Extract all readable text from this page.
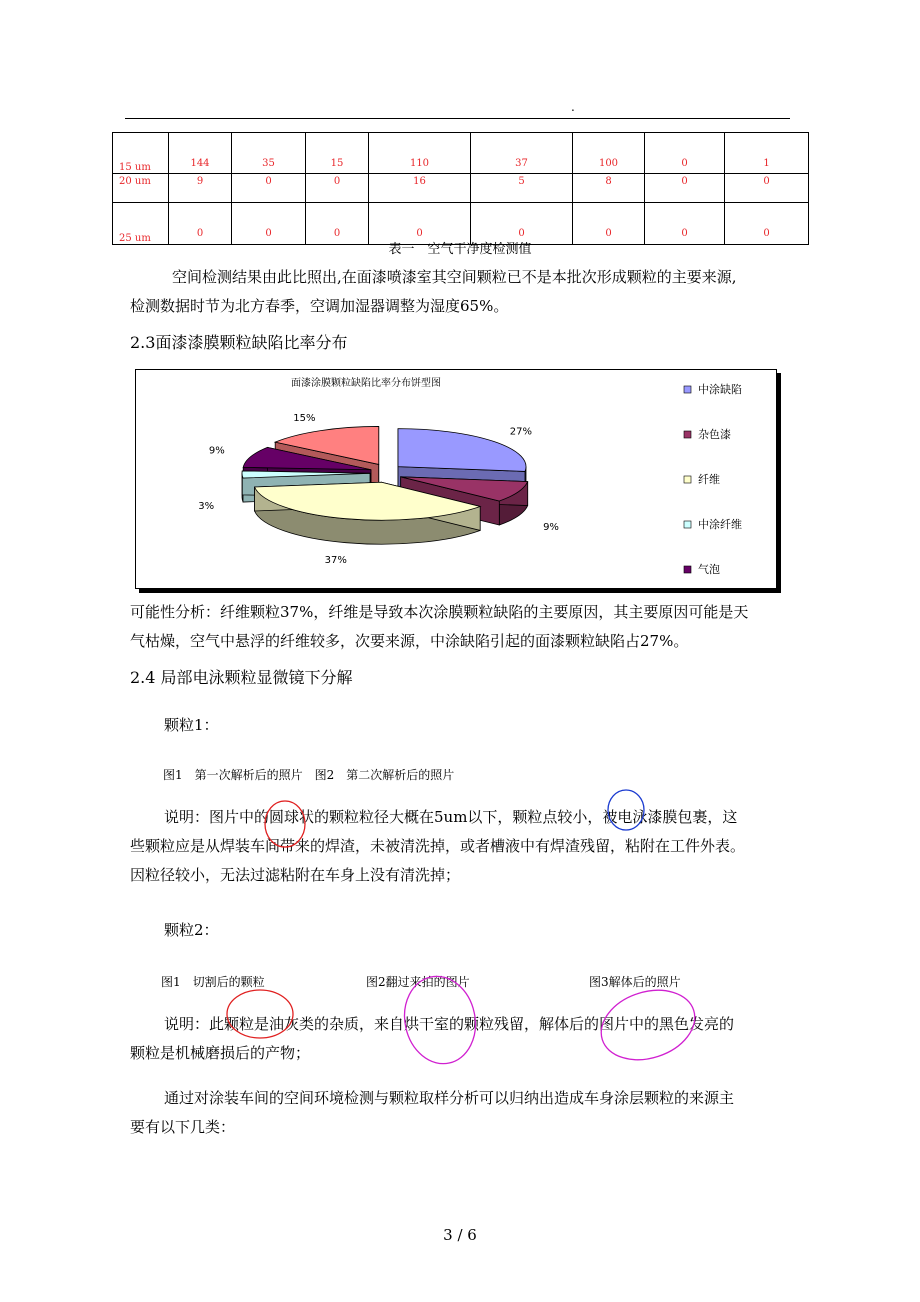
.
15 um	144	35	15	110	37	100	0	1
20 um	9	0	0	16	5	8	0	0
25 um	0	0	0	0	0	0	0	0
表一　空气干净度检测值
空间检测结果由此比照出,在面漆喷漆室其空间颗粒已不是本批次形成颗粒的主要来源,
检测数据时节为北方春季，空调加湿器调整为湿度65%。
2.3面漆漆膜颗粒缺陷比率分布
面漆涂膜颗粒缺陷比率分布饼型图
27%
9%
37%
3%
9%
15%
中涂缺陷
杂色漆
纤维
中涂纤维
气泡
可能性分析：纤维颗粒37%，纤维是导致本次涂膜颗粒缺陷的主要原因，其主要原因可能是天
气枯燥，空气中悬浮的纤维较多，次要来源，中涂缺陷引起的面漆颗粒缺陷占27%。
2.4 局部电泳颗粒显微镜下分解
颗粒1：
图1　第一次解析后的照片　图2　第二次解析后的照片
说明：图片中的圆球状的颗粒粒径大概在5um以下，颗粒点较小，被电泳漆膜包裹，这
些颗粒应是从焊装车间带来的焊渣，未被清洗掉，或者槽液中有焊渣残留，粘附在工件外表。
因粒径较小，无法过滤粘附在车身上没有清洗掉；
颗粒2：
图1　切割后的颗粒	图2翻过来拍的图片	图3解体后的照片
说明：此颗粒是油灰类的杂质，来自烘干室的颗粒残留，解体后的图片中的黑色发亮的
颗粒是机械磨损后的产物；
通过对涂装车间的空间环境检测与颗粒取样分析可以归纳出造成车身涂层颗粒的来源主
要有以下几类：
3 / 6
